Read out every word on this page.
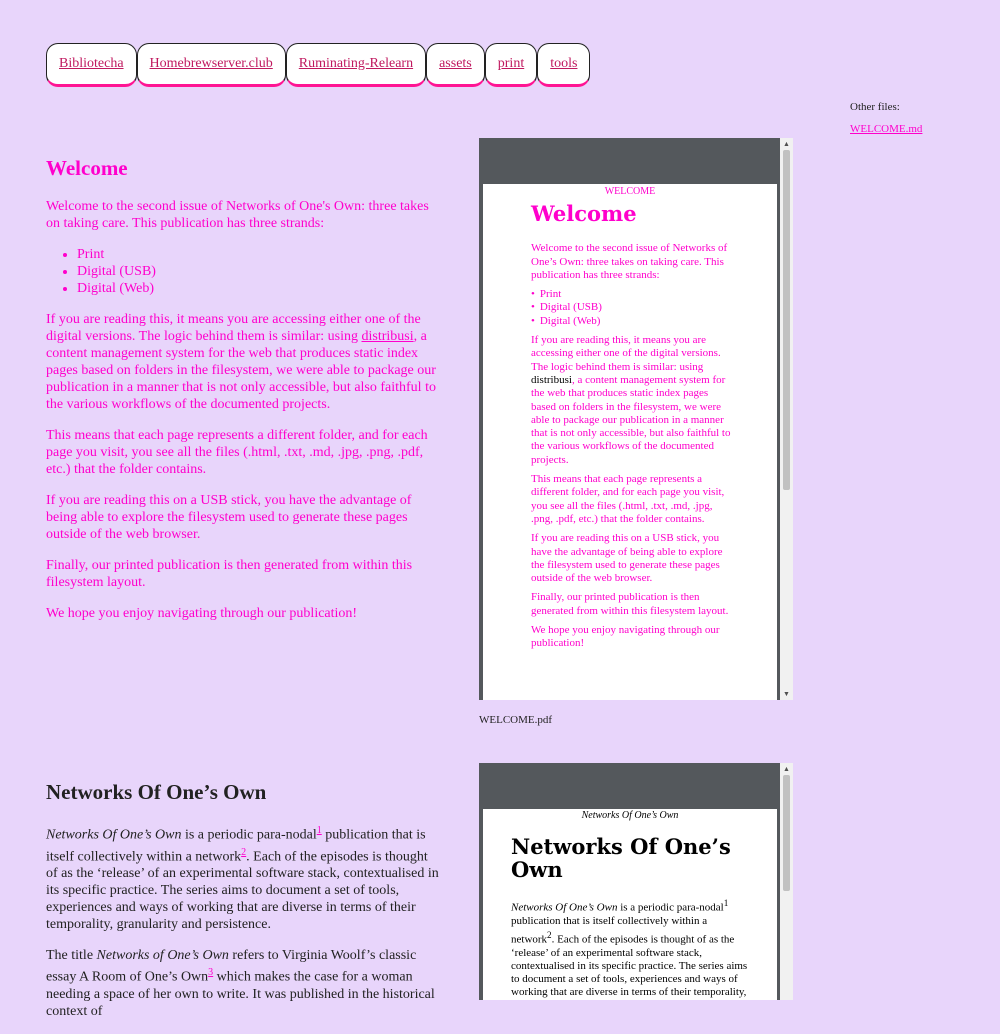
Bibliotecha	Homebrewserver.club	Ruminating-Relearn	assets	print	tools
Other files:
WELCOME.md
Welcome

Welcome to the second issue of Networks of One's Own: three takes on taking care. This publication has three strands:

• Print
• Digital (USB)
• Digital (Web)

If you are reading this, it means you are accessing either one of the digital versions. The logic behind them is similar: using distribusi, a content management system for the web that produces static index pages based on folders in the filesystem, we were able to package our publication in a manner that is not only accessible, but also faithful to the various workflows of the documented projects.

This means that each page represents a different folder, and for each page you visit, you see all the files (.html, .txt, .md, .jpg, .png, .pdf, etc.) that the folder contains.

If you are reading this on a USB stick, you have the advantage of being able to explore the filesystem used to generate these pages outside of the web browser.

Finally, our printed publication is then generated from within this filesystem layout.

We hope you enjoy navigating through our publication!

WELCOME
Welcome

Welcome to the second issue of Networks of One’s Own: three takes on taking care. This publication has three strands:

• Print
• Digital (USB)
• Digital (Web)

If you are reading this, it means you are accessing either one of the digital versions. The logic behind them is similar: using distribusi, a content management system for the web that produces static index pages based on folders in the filesystem, we were able to package our publication in a manner that is not only accessible, but also faithful to the various workflows of the documented projects.

This means that each page represents a different folder, and for each page you visit, you see all the files (.html, .txt, .md, .jpg, .png, .pdf, etc.) that the folder contains.

If you are reading this on a USB stick, you have the advantage of being able to explore the filesystem used to generate these pages outside of the web browser.

Finally, our printed publication is then generated from within this filesystem layout.

We hope you enjoy navigating through our publication!

▲
▼
WELCOME.pdf
Networks Of One’s Own

Networks Of One’s Own is a periodic para-nodal$^1$ publication that is itself collectively within a network$^2$. Each of the episodes is thought of as the ‘release’ of an experimental software stack, contextualised in its specific practice. The series aims to document a set of tools, experiences and ways of working that are diverse in terms of their temporality, granularity and persistence.

The title Networks of One’s Own refers to Virginia Woolf’s classic essay A Room of One’s Own$^3$ which makes the case for a woman needing a space of her own to write. It was published in the historical context of

Networks Of One’s Own
Networks Of One’s Own

Networks Of One’s Own is a periodic para-nodal$^1$ publication that is itself collectively within a network$^2$. Each of the episodes is thought of as the ‘release’ of an experimental software stack, contextualised in its specific practice. The series aims to document a set of tools, experiences and ways of working that are diverse in terms of their temporality,

▲
